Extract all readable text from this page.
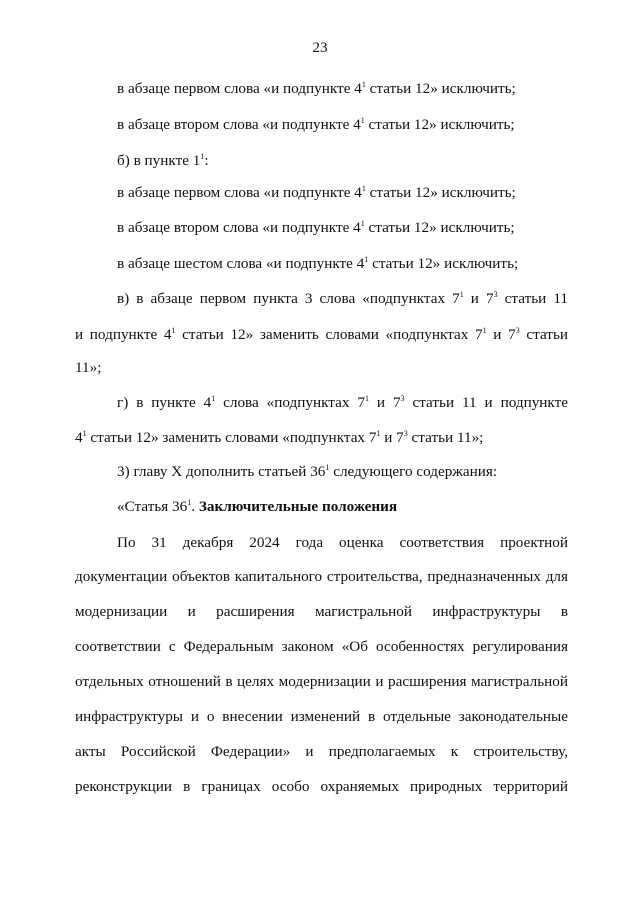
23
в абзаце первом слова «и подпункте $4^1$ статьи 12» исключить;
в абзаце втором слова «и подпункте $4^1$ статьи 12» исключить;
б) в пункте $1^1$:
в абзаце первом слова «и подпункте $4^1$ статьи 12» исключить;
в абзаце втором слова «и подпункте $4^1$ статьи 12» исключить;
в абзаце шестом слова «и подпункте $4^1$ статьи 12» исключить;
в) в абзаце первом пункта 3 слова «подпунктах $7^1$ и $7^3$ статьи 11
и подпункте $4^1$ статьи 12» заменить словами «подпунктах $7^1$ и $7^3$ статьи
11»;
г) в пункте $4^1$ слова «подпунктах $7^1$ и $7^3$ статьи 11 и подпункте
$4^1$ статьи 12» заменить словами «подпунктах $7^1$ и $7^3$ статьи 11»;
3) главу X дополнить статьей $36^1$ следующего содержания:
«Статья $36^1$. Заключительные положения
По 31 декабря 2024 года оценка соответствия проектной
документации объектов капитального строительства, предназначенных для
модернизации и расширения магистральной инфраструктуры в
соответствии с Федеральным законом «Об особенностях регулирования
отдельных отношений в целях модернизации и расширения магистральной
инфраструктуры и о внесении изменений в отдельные законодательные
акты Российской Федерации» и предполагаемых к строительству,
реконструкции в границах особо охраняемых природных территорий
